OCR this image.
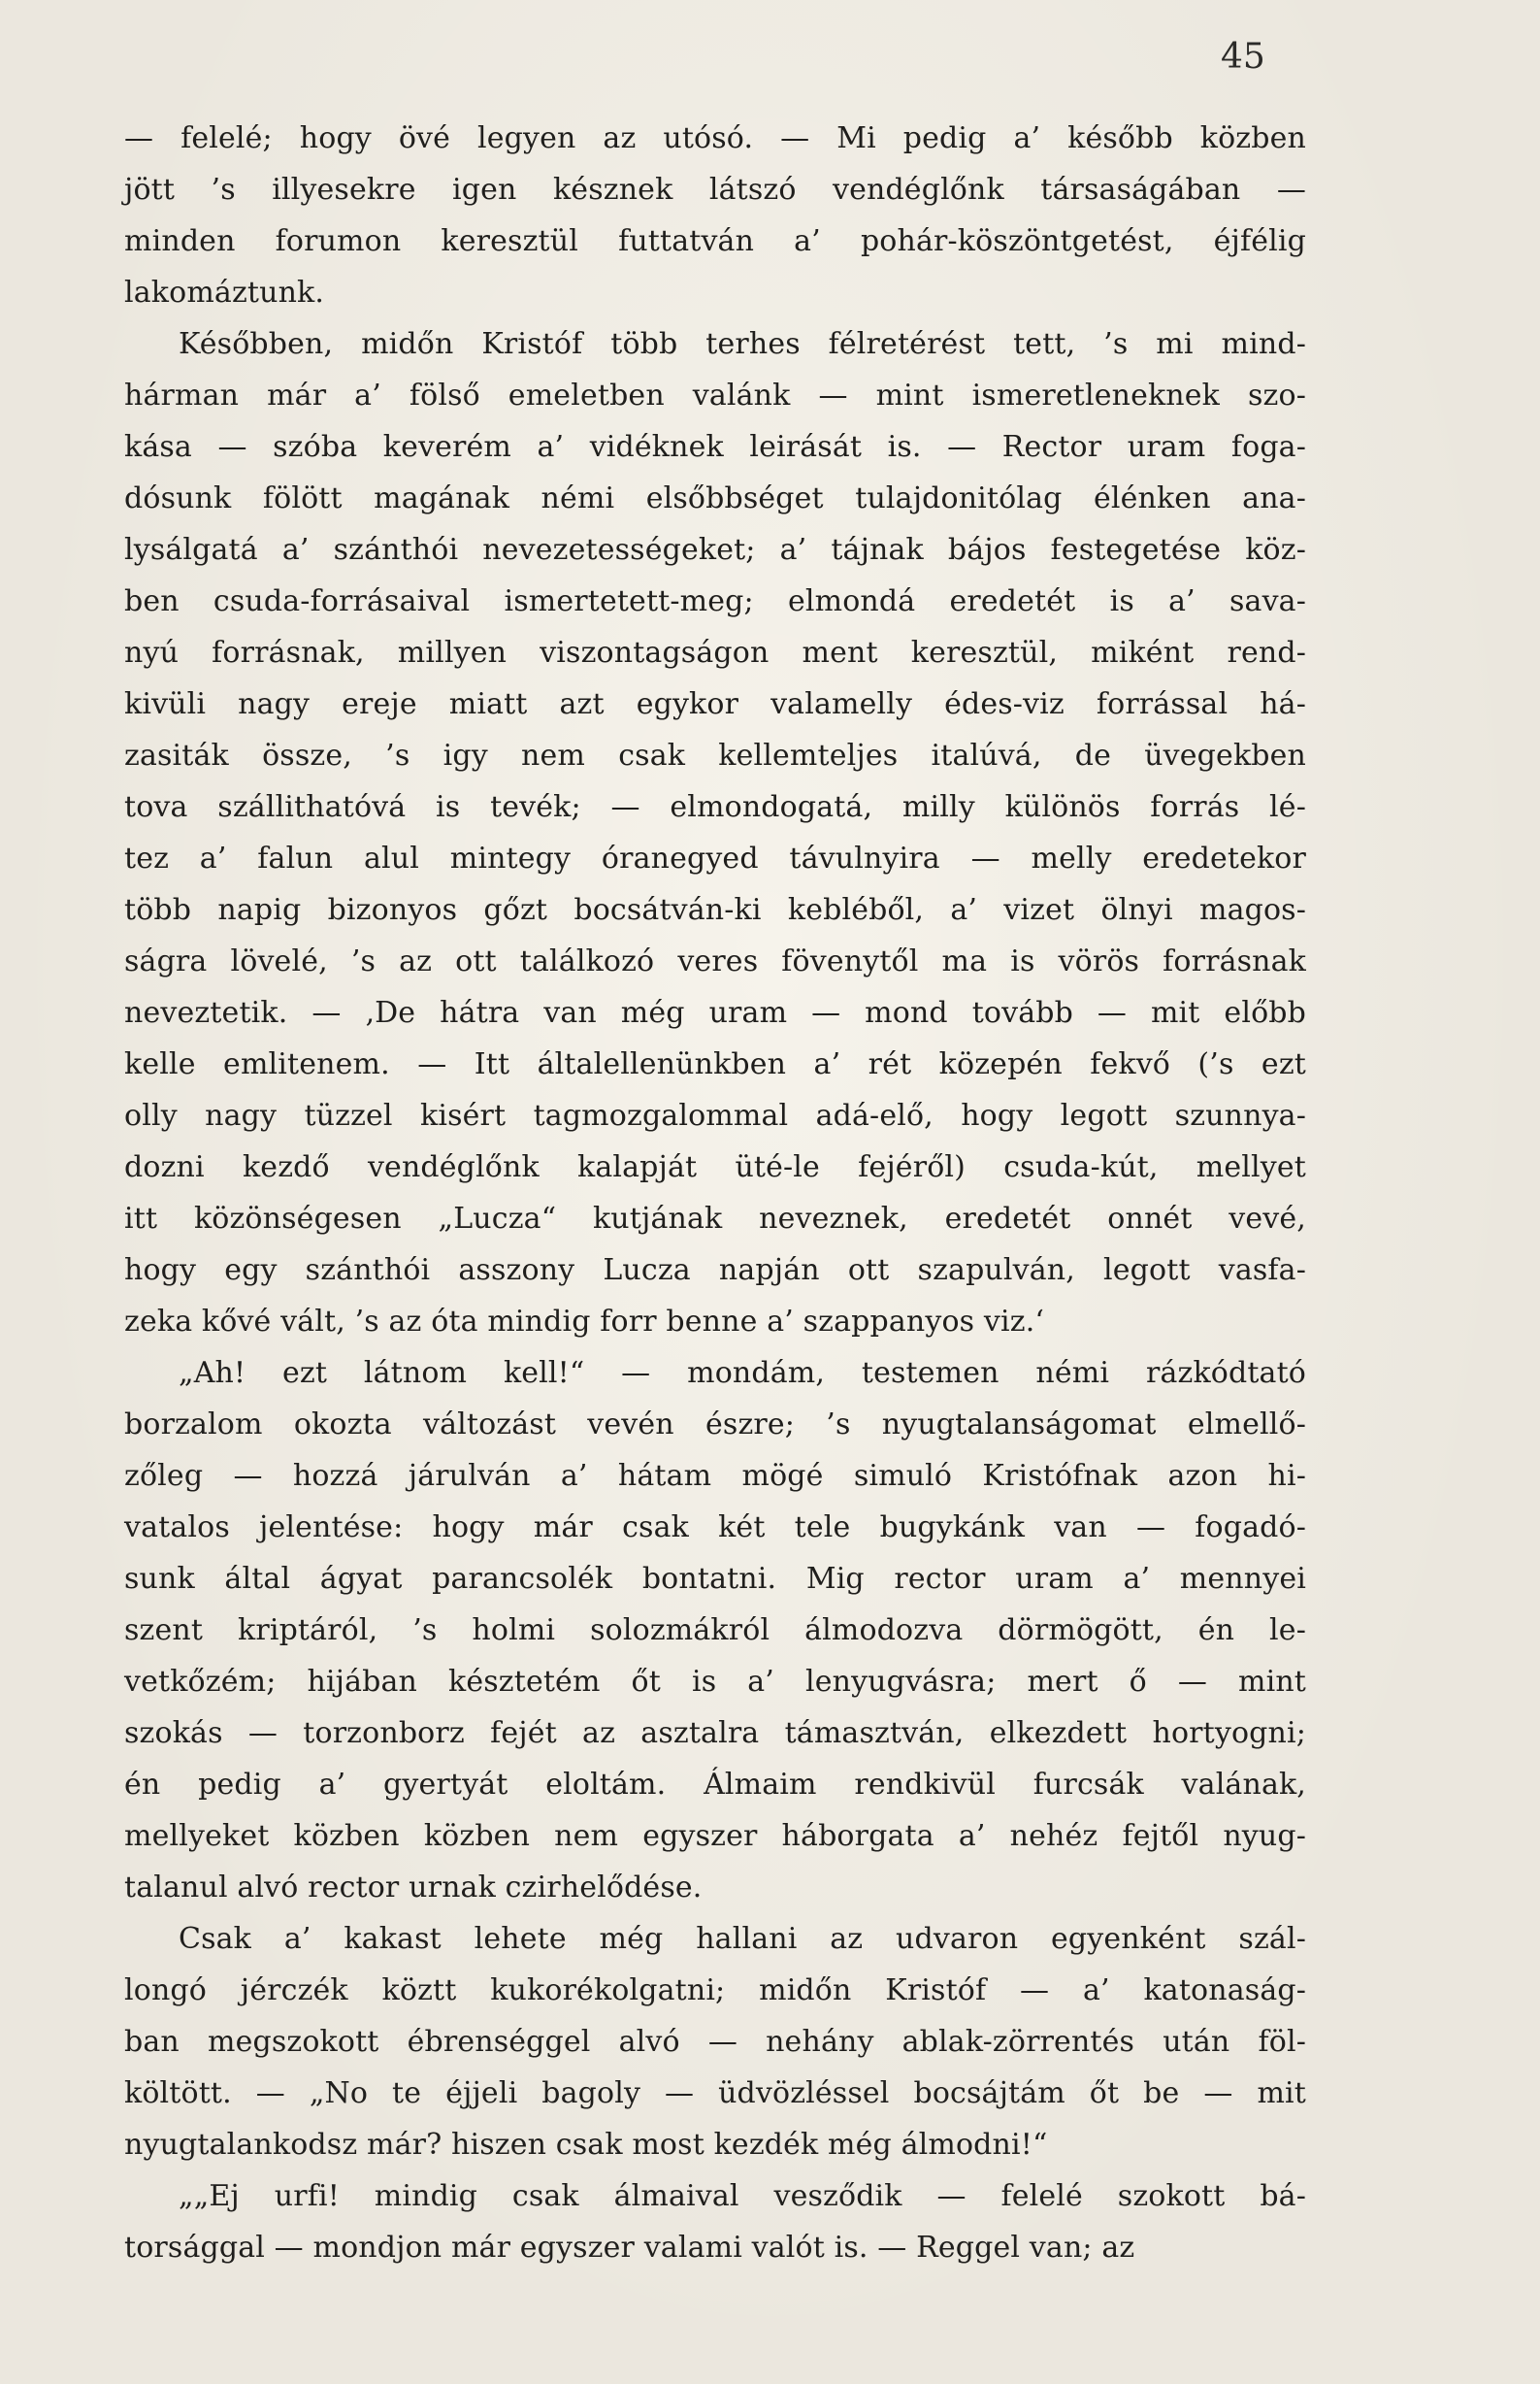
45
— felelé; hogy övé legyen az utósó. — Mi pedig a’ később közben
jött ’s illyesekre igen késznek látszó vendéglőnk társaságában —
minden forumon keresztül futtatván a’ pohár-köszöntgetést, éjfélig
lakomáztunk.
Későbben, midőn Kristóf több terhes félretérést tett, ’s mi mind-
hárman már a’ fölső emeletben valánk — mint ismeretleneknek szo-
kása — szóba keverém a’ vidéknek leirását is. — Rector uram foga-
dósunk fölött magának némi elsőbbséget tulajdonitólag élénken ana-
lysálgatá a’ szánthói nevezetességeket; a’ tájnak bájos festegetése köz-
ben csuda-forrásaival ismertetett-meg; elmondá eredetét is a’ sava-
nyú forrásnak, millyen viszontagságon ment keresztül, miként rend-
kivüli nagy ereje miatt azt egykor valamelly édes-viz forrással há-
zasiták össze, ’s igy nem csak kellemteljes italúvá, de üvegekben
tova szállithatóvá is tevék; — elmondogatá, milly különös forrás lé-
tez a’ falun alul mintegy óranegyed távulnyira — melly eredetekor
több napig bizonyos gőzt bocsátván-ki kebléből, a’ vizet ölnyi magos-
ságra lövelé, ’s az ott találkozó veres fövenytől ma is vörös forrásnak
neveztetik. — ‚De hátra van még uram — mond tovább — mit előbb
kelle emlitenem. — Itt általellenünkben a’ rét közepén fekvő (’s ezt
olly nagy tüzzel kisért tagmozgalommal adá-elő, hogy legott szunnya-
dozni kezdő vendéglőnk kalapját üté-le fejéről) csuda-kút, mellyet
itt közönségesen „Lucza“ kutjának neveznek, eredetét onnét vevé,
hogy egy szánthói asszony Lucza napján ott szapulván, legott vasfa-
zeka kővé vált, ’s az óta mindig forr benne a’ szappanyos viz.‘
„Ah! ezt látnom kell!“ — mondám, testemen némi rázkódtató
borzalom okozta változást vevén észre; ’s nyugtalanságomat elmellő-
zőleg — hozzá járulván a’ hátam mögé simuló Kristófnak azon hi-
vatalos jelentése: hogy már csak két tele bugykánk van — fogadó-
sunk által ágyat parancsolék bontatni. Mig rector uram a’ mennyei
szent kriptáról, ’s holmi solozmákról álmodozva dörmögött, én le-
vetkőzém; hijában késztetém őt is a’ lenyugvásra; mert ő — mint
szokás — torzonborz fejét az asztalra támasztván, elkezdett hortyogni;
én pedig a’ gyertyát eloltám. Álmaim rendkivül furcsák valának,
mellyeket közben közben nem egyszer háborgata a’ nehéz fejtől nyug-
talanul alvó rector urnak czirhelődése.
Csak a’ kakast lehete még hallani az udvaron egyenként szál-
longó jérczék köztt kukorékolgatni; midőn Kristóf — a’ katonaság-
ban megszokott ébrenséggel alvó — nehány ablak-zörrentés után föl-
költött. — „No te éjjeli bagoly — üdvözléssel bocsájtám őt be — mit
nyugtalankodsz már? hiszen csak most kezdék még álmodni!“
„„Ej urfi! mindig csak álmaival vesződik — felelé szokott bá-
torsággal — mondjon már egyszer valami valót is. — Reggel van; az
